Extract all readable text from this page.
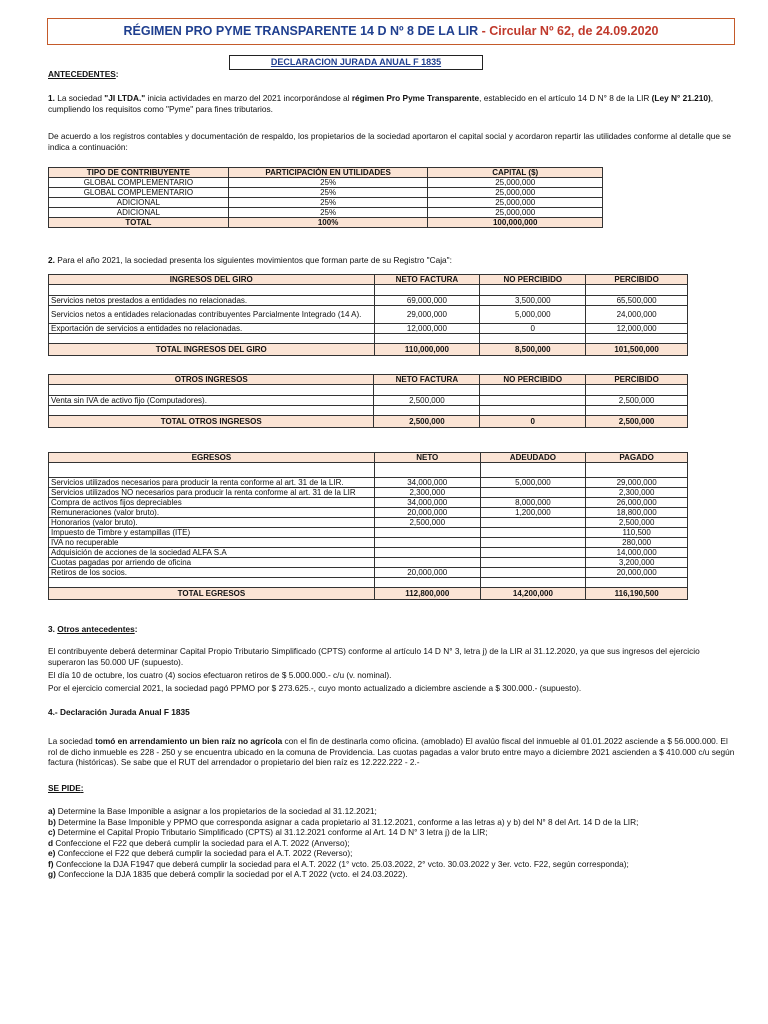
RÉGIMEN PRO PYME TRANSPARENTE 14 D Nº 8 DE LA LIR - Circular Nº 62, de 24.09.2020
DECLARACION JURADA ANUAL F 1835
ANTECEDENTES:
1. La sociedad "JI LTDA." inicia actividades en marzo del 2021 incorporándose al régimen Pro Pyme Transparente, establecido en el artículo 14 D N° 8 de la LIR (Ley N° 21.210), cumpliendo los requisitos como "Pyme" para fines tributarios.
De acuerdo a los registros contables y documentación de respaldo, los propietarios de la sociedad aportaron el capital social y acordaron repartir las utilidades conforme al detalle que se indica a continuación:
TIPO DE CONTRIBUYENTE	PARTICIPACIÓN EN UTILIDADES	CAPITAL ($)
GLOBAL COMPLEMENTARIO	25%	25,000,000
GLOBAL COMPLEMENTARIO	25%	25,000,000
ADICIONAL	25%	25,000,000
ADICIONAL	25%	25,000,000
TOTAL	100%	100,000,000
2. Para el año 2021, la sociedad presenta los siguientes movimientos que forman parte de su Registro "Caja":
INGRESOS DEL GIRO	NETO FACTURA	NO PERCIBIDO	PERCIBIDO

Servicios netos prestados a entidades no relacionadas.	69,000,000	3,500,000	65,500,000
Servicios netos a entidades relacionadas contribuyentes Parcialmente Integrado (14 A).	29,000,000	5,000,000	24,000,000
Exportación de servicios a entidades no relacionadas.	12,000,000	0	12,000,000

TOTAL INGRESOS DEL GIRO	110,000,000	8,500,000	101,500,000
OTROS INGRESOS	NETO FACTURA	NO PERCIBIDO	PERCIBIDO

Venta sin IVA de activo fijo (Computadores).	2,500,000		2,500,000

TOTAL OTROS INGRESOS	2,500,000	0	2,500,000
EGRESOS	NETO	ADEUDADO	PAGADO

Servicios utilizados necesarios para producir la renta conforme al art. 31 de la LIR.	34,000,000	5,000,000	29,000,000
Servicios utilizados NO necesarios para producir la renta conforme al art. 31 de la LIR	2,300,000		2,300,000
Compra de activos fijos depreciables	34,000,000	8,000,000	26,000,000
Remuneraciones (valor bruto).	20,000,000	1,200,000	18,800,000
Honorarios (valor bruto).	2,500,000		2,500,000
Impuesto de Timbre y estampillas (ITE)			110,500
IVA no recuperable			280,000
Adquisición de acciones de la sociedad ALFA S.A			14,000,000
Cuotas pagadas por arriendo de oficina			3,200,000
Retiros de los socios.	20,000,000		20,000,000

TOTAL EGRESOS	112,800,000	14,200,000	116,190,500
3. Otros antecedentes:
El contribuyente deberá determinar Capital Propio Tributario Simplificado (CPTS) conforme al artículo 14 D N° 3, letra j) de la LIR al 31.12.2020, ya que sus ingresos del ejercicio superaron las 50.000 UF (supuesto).
El día 10 de octubre, los cuatro (4) socios efectuaron retiros de $ 5.000.000.- c/u (v. nominal).
Por el ejercicio comercial 2021, la sociedad pagó PPMO por $ 273.625.-, cuyo monto actualizado a diciembre asciende a $ 300.000.- (supuesto).
4.- Declaración Jurada Anual F 1835
La sociedad tomó en arrendamiento un bien raíz no agrícola con el fin de destinarla como oficina. (amoblado) El avalúo fiscal del inmueble al 01.01.2022 asciende a $ 56.000.000. El rol de dicho inmueble es 228 - 250 y se encuentra ubicado en la comuna de Providencia. Las cuotas pagadas a valor bruto entre mayo a diciembre 2021 ascienden a $ 410.000 c/u según factura (históricas). Se sabe que el RUT del arrendador o propietario del bien raíz es 12.222.222 - 2.-
SE PIDE:
a) Determine la Base Imponible a asignar a los propietarios de la sociedad al 31.12.2021;
b) Determine la Base Imponible y PPMO que corresponda asignar a cada propietario al 31.12.2021, conforme a las letras a) y b) del N° 8 del Art. 14 D de la LIR;
c) Determine el Capital Propio Tributario Simplificado (CPTS) al 31.12.2021 conforme al Art. 14 D N° 3 letra j) de la LIR;
d Confeccione el F22 que deberá cumplir la sociedad para el A.T. 2022 (Anverso);
e) Confeccione el F22 que deberá cumplir la sociedad para el A.T. 2022 (Reverso);
f) Confeccione la DJA F1947 que deberá cumplir la sociedad para el A.T. 2022 (1° vcto. 25.03.2022, 2° vcto. 30.03.2022 y 3er. vcto. F22, según corresponda);
g) Confeccione la DJA 1835 que deberá complir la sociedad por el A.T 2022 (vcto. el 24.03.2022).
